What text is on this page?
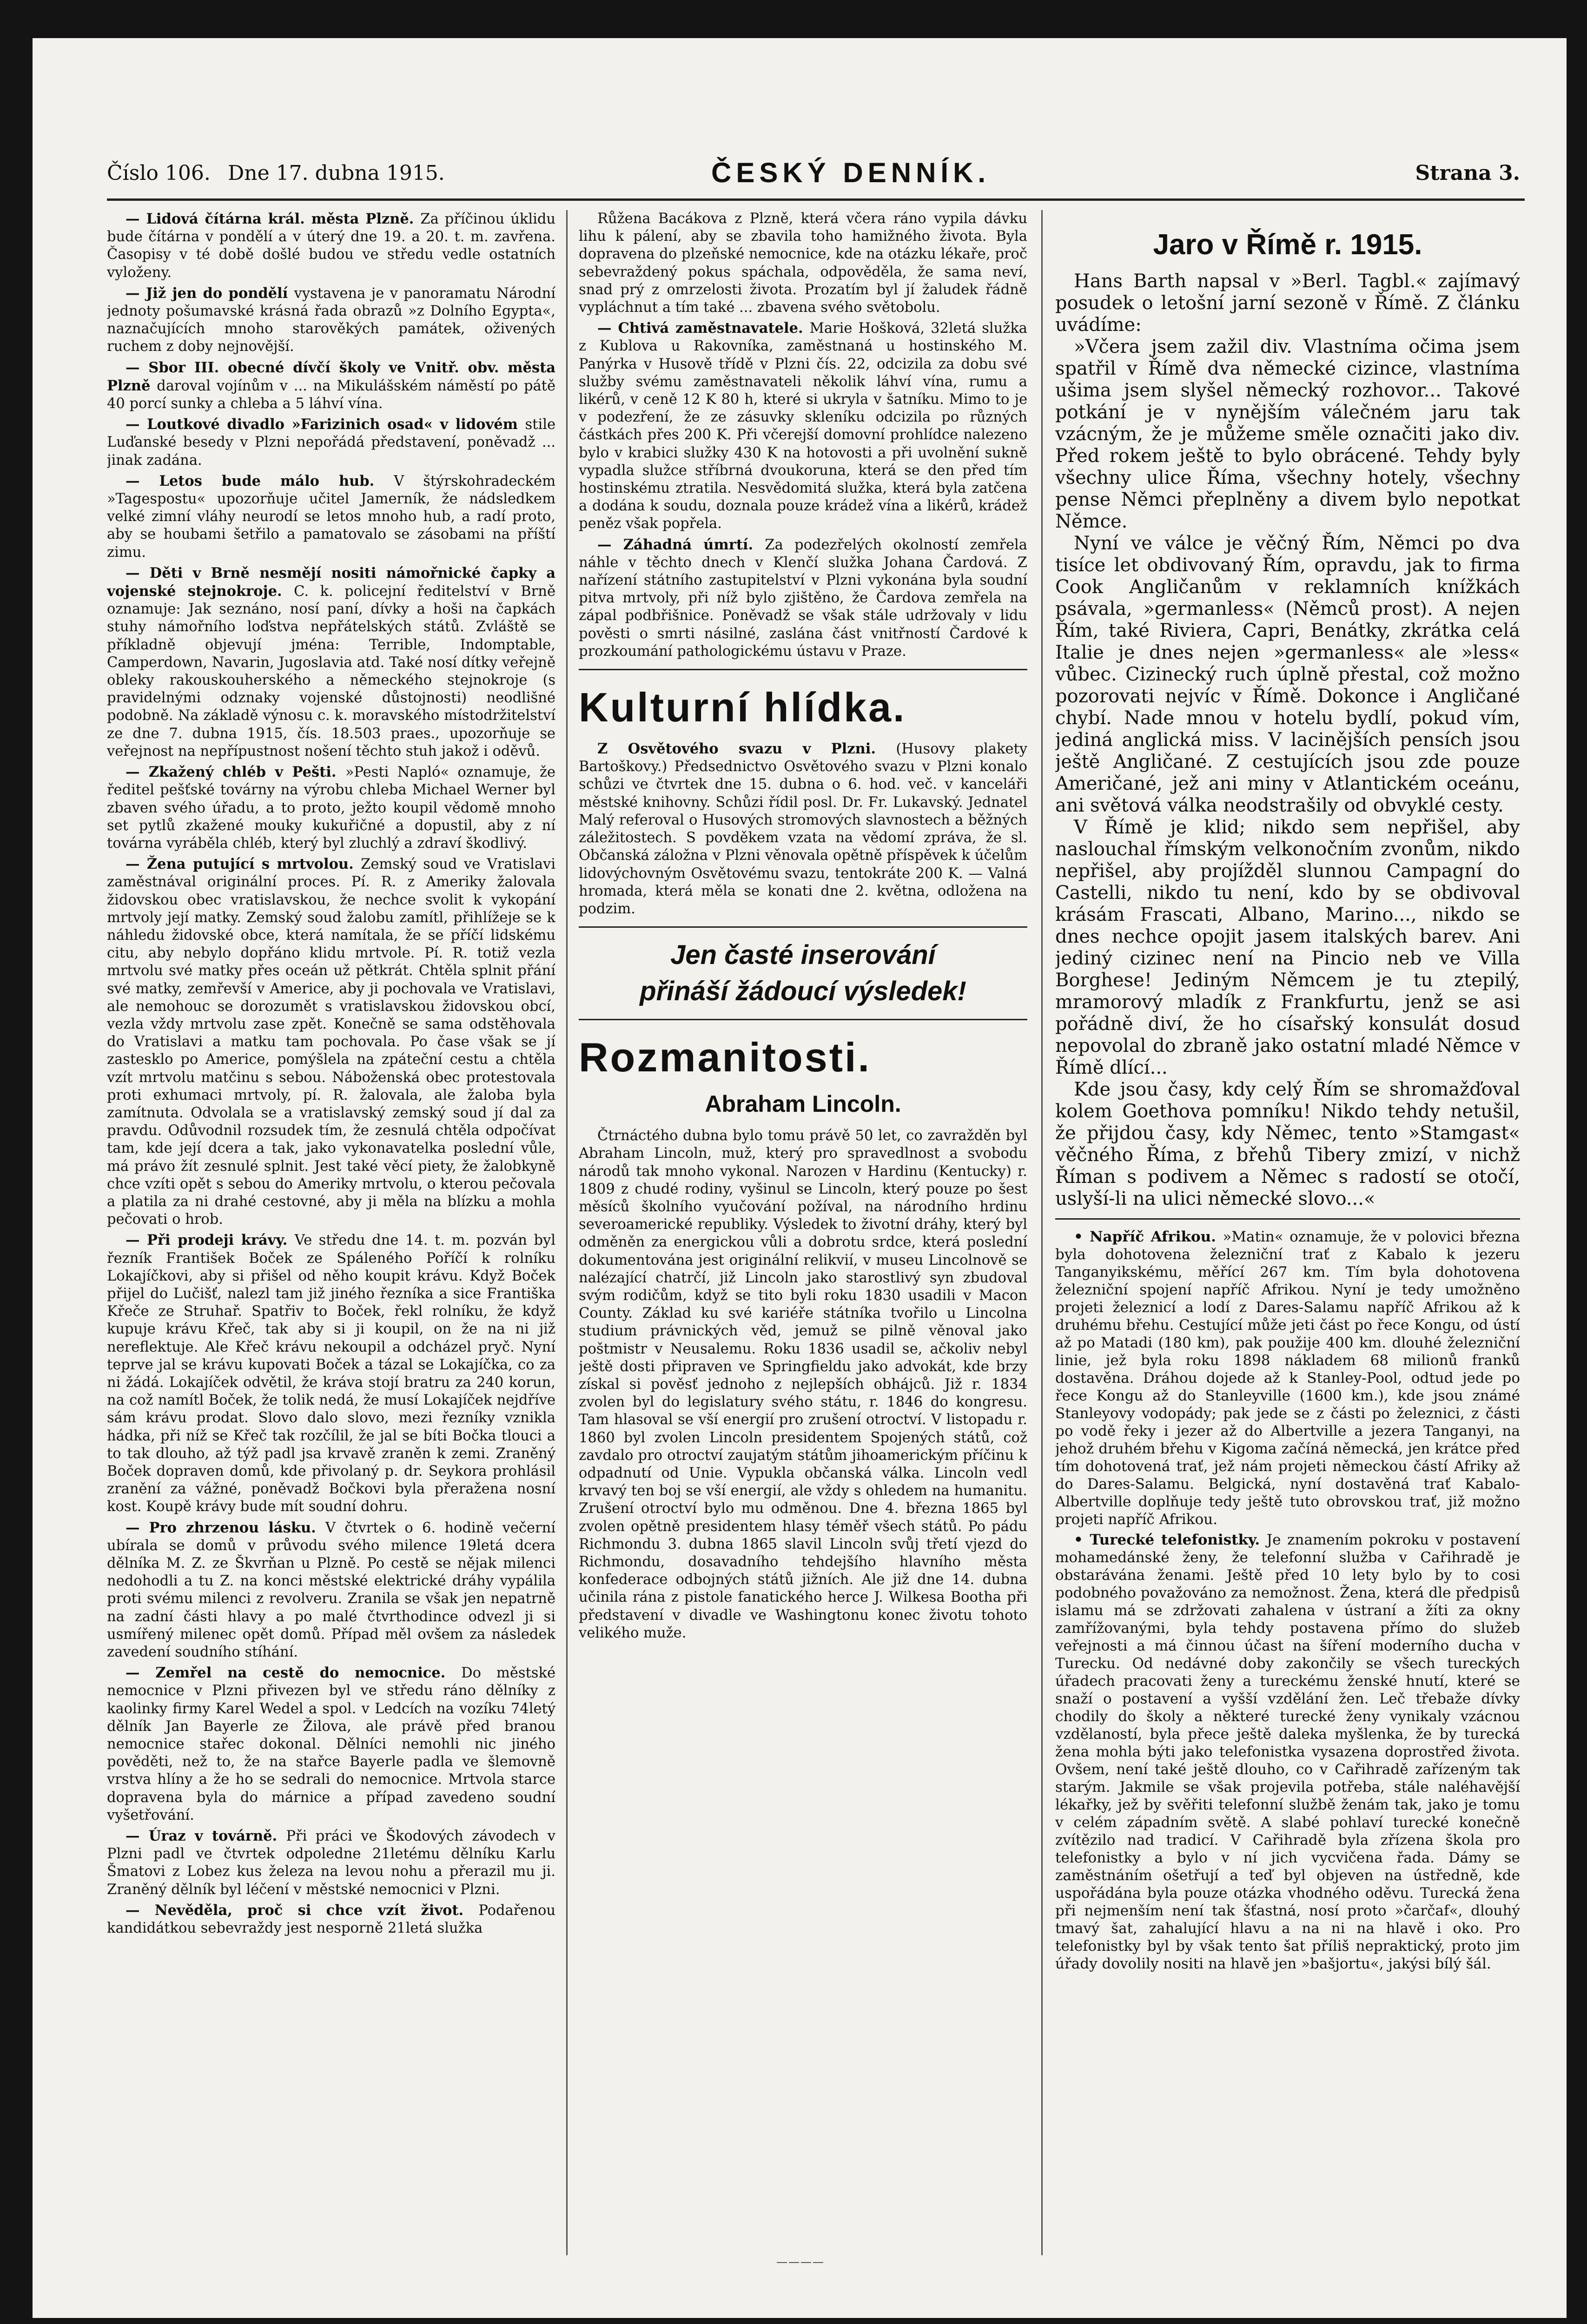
Číslo 106. Dne 17. dubna 1915.	ČESKÝ DENNÍK.	Strana 3.

— Lidová čítárna král. města Plzně. Za příčinou úklidu bude čítárna v pondělí a v úterý dne 19. a 20. t. m. zavřena. Časopisy v té době došlé budou ve středu vedle ostatních vyloženy.

— Již jen do pondělí vystavena je v panoramatu Národní jednoty pošumavské krásná řada obrazů »z Dolního Egypta«, naznačujících mnoho starověkých památek, oživených ruchem z doby nejnovější.

— Sbor III. obecné dívčí školy ve Vnitř. obv. města Plzně daroval vojínům v ... na Mikulášském náměstí po pátě 40 porcí sunky a chleba a 5 láhví vína.

— Loutkové divadlo »Farizinich osad« v lidovém stile Luďanské besedy v Plzni nepořádá představení, poněvadž ... jinak zadána.

— Letos bude málo hub. V štýrskohradeckém »Tagespostu« upozorňuje učitel Jamerník, že nádsledkem velké zimní vláhy neurodí se letos mnoho hub, a radí proto, aby se houbami šetřilo a pamatovalo se zásobami na příští zimu.

— Děti v Brně nesmějí nositi námořnické čapky a vojenské stejnokroje. C. k. policejní ředitelství v Brně oznamuje: Jak seznáno, nosí paní, dívky a hoši na čapkách stuhy námořního loďstva nepřátelských států. Zvláště se příkladně objevují jména: Terrible, Indomptable, Camperdown, Navarin, Jugoslavia atd. Také nosí dítky veřejně obleky rakouskouherského a německého stejnokroje (s pravidelnými odznaky vojenské důstojnosti) neodlišné podobně. Na základě výnosu c. k. moravského místodržitelství ze dne 7. dubna 1915, čís. 18.503 praes., upozorňuje se veřejnost na nepřípustnost nošení těchto stuh jakož i oděvů.

— Zkažený chléb v Pešti. »Pesti Napló« oznamuje, že ředitel pešťské továrny na výrobu chleba Michael Werner byl zbaven svého úřadu, a to proto, ježto koupil vědomě mnoho set pytlů zkažené mouky kukuřičné a dopustil, aby z ní továrna vyráběla chléb, který byl zluchlý a zdraví škodlivý.

— Žena putující s mrtvolou. Zemský soud ve Vratislavi zaměstnával originální proces. Pí. R. z Ameriky žalovala židovskou obec vratislavskou, že nechce svolit k vykopání mrtvoly její matky. Zemský soud žalobu zamítl, přihlížeje se k náhledu židovské obce, která namítala, že se příčí lidskému citu, aby nebylo dopřáno klidu mrtvole. Pí. R. totiž vezla mrtvolu své matky přes oceán už pětkrát. Chtěla splnit přání své matky, zemřevší v Americe, aby ji pochovala ve Vratislavi, ale nemohouc se dorozumět s vratislavskou židovskou obcí, vezla vždy mrtvolu zase zpět. Konečně se sama odstěhovala do Vratislavi a matku tam pochovala. Po čase však se jí zastesklo po Americe, pomýšlela na zpáteční cestu a chtěla vzít mrtvolu matčinu s sebou. Náboženská obec protestovala proti exhumaci mrtvoly, pí. R. žalovala, ale žaloba byla zamítnuta. Odvolala se a vratislavský zemský soud jí dal za pravdu. Odůvodnil rozsudek tím, že zesnulá chtěla odpočívat tam, kde její dcera a tak, jako vykonavatelka poslední vůle, má právo žít zesnulé splnit. Jest také věcí piety, že žalobkyně chce vzíti opět s sebou do Ameriky mrtvolu, o kterou pečovala a platila za ni drahé cestovné, aby ji měla na blízku a mohla pečovati o hrob.

— Při prodeji krávy. Ve středu dne 14. t. m. pozván byl řezník František Boček ze Spáleného Poříčí k rolníku Lokajíčkovi, aby si přišel od něho koupit krávu. Když Boček přijel do Lučišť, nalezl tam již jiného řezníka a sice Františka Křeče ze Struhař. Spatřiv to Boček, řekl rolníku, že když kupuje krávu Křeč, tak aby si ji koupil, on že na ni již nereflektuje. Ale Křeč krávu nekoupil a odcházel pryč. Nyní teprve jal se krávu kupovati Boček a tázal se Lokajíčka, co za ni žádá. Lokajíček odvětil, že kráva stojí bratru za 240 korun, na což namítl Boček, že tolik nedá, že musí Lokajíček nejdříve sám krávu prodat. Slovo dalo slovo, mezi řezníky vznikla hádka, při níž se Křeč tak rozčílil, že jal se bíti Bočka tlouci a to tak dlouho, až týž padl jsa krvavě zraněn k zemi. Zraněný Boček dopraven domů, kde přivolaný p. dr. Seykora prohlásil zranění za vážné, poněvadž Bočkovi byla přeražena nosní kost. Koupě krávy bude mít soudní dohru.

— Pro zhrzenou lásku. V čtvrtek o 6. hodině večerní ubírala se domů v průvodu svého milence 19letá dcera dělníka M. Z. ze Škvrňan u Plzně. Po cestě se nějak milenci nedohodli a tu Z. na konci městské elektrické dráhy vypálila proti svému milenci z revolveru. Zranila se však jen nepatrně na zadní části hlavy a po malé čtvrthodince odvezl ji si usmířený milenec opět domů. Případ měl ovšem za následek zavedení soudního stíhání.

— Zemřel na cestě do nemocnice. Do městské nemocnice v Plzni přivezen byl ve středu ráno dělníky z kaolinky firmy Karel Wedel a spol. v Ledcích na vozíku 74letý dělník Jan Bayerle ze Žilova, ale právě před branou nemocnice stařec dokonal. Dělníci nemohli nic jiného pověděti, než to, že na stařce Bayerle padla ve šlemovně vrstva hlíny a že ho se sedrali do nemocnice. Mrtvola starce dopravena byla do márnice a případ zavedeno soudní vyšetřování.

— Úraz v továrně. Při práci ve Škodových závodech v Plzni padl ve čtvrtek odpoledne 21letému dělníku Karlu Šmatovi z Lobez kus železa na levou nohu a přerazil mu ji. Zraněný dělník byl léčení v městské nemocnici v Plzni.

— Nevěděla, proč si chce vzít život. Podařenou kandidátkou sebevraždy jest nesporně 21letá služka

Růžena Bacákova z Plzně, která včera ráno vypila dávku lihu k pálení, aby se zbavila toho hamižného života. Byla dopravena do plzeňské nemocnice, kde na otázku lékaře, proč sebevraždený pokus spáchala, odpověděla, že sama neví, snad prý z omrzelosti života. Prozatím byl jí žaludek řádně vypláchnut a tím také ... zbavena svého světobolu.

— Chtivá zaměstnavatele. Marie Hošková, 32letá služka z Kublova u Rakovníka, zaměstnaná u hostinského M. Panýrka v Husově třídě v Plzni čís. 22, odcizila za dobu své služby svému zaměstnavateli několik láhví vína, rumu a likérů, v ceně 12 K 80 h, které si ukryla v šatníku. Mimo to je v podezření, že ze zásuvky skleníku odcizila po různých částkách přes 200 K. Při včerejší domovní prohlídce nalezeno bylo v krabici služky 430 K na hotovosti a při uvolnění sukně vypadla služce stříbrná dvoukoruna, která se den před tím hostinskému ztratila. Nesvědomitá služka, která byla zatčena a dodána k soudu, doznala pouze krádež vína a likérů, krádež peněz však popřela.

— Záhadná úmrtí. Za podezřelých okolností zemřela náhle v těchto dnech v Klenčí služka Johana Čardová. Z nařízení státního zastupitelství v Plzni vykonána byla soudní pitva mrtvoly, při níž bylo zjištěno, že Čardova zemřela na zápal podbřišnice. Poněvadž se však stále udržovaly v lidu pověsti o smrti násilné, zaslána část vnitřností Čardové k prozkoumání pathologickému ústavu v Praze.

Kulturní hlídka.

Z Osvětového svazu v Plzni. (Husovy plakety Bartoškovy.) Předsednictvo Osvětového svazu v Plzni konalo schůzi ve čtvrtek dne 15. dubna o 6. hod. več. v kanceláři městské knihovny. Schůzi řídil posl. Dr. Fr. Lukavský. Jednatel Malý referoval o Husových stromových slavnostech a běžných záležitostech. S povděkem vzata na vědomí zpráva, že sl. Občanská záložna v Plzni věnovala opětně příspěvek k účelům lidovýchovným Osvětovému svazu, tentokráte 200 K. — Valná hromada, která měla se konati dne 2. května, odložena na podzim.

Jen časté inserování
přináší žádoucí výsledek!
Rozmanitosti.
Abraham Lincoln.

Čtrnáctého dubna bylo tomu právě 50 let, co zavražděn byl Abraham Lincoln, muž, který pro spravedlnost a svobodu národů tak mnoho vykonal. Narozen v Hardinu (Kentucky) r. 1809 z chudé rodiny, vyšinul se Lincoln, který pouze po šest měsíců školního vyučování požíval, na národního hrdinu severoamerické republiky. Výsledek to životní dráhy, který byl odměněn za energickou vůli a dobrotu srdce, která poslední dokumentována jest originální relikvií, v museu Lincolnově se nalézající chatrčí, již Lincoln jako starostlivý syn zbudoval svým rodičům, když se tito byli roku 1830 usadili v Macon County. Základ ku své kariéře státníka tvořilo u Lincolna studium právnických věd, jemuž se pilně věnoval jako poštmistr v Neusalemu. Roku 1836 usadil se, ačkoliv nebyl ještě dosti připraven ve Springfieldu jako advokát, kde brzy získal si pověsť jednoho z nejlepších obhájců. Již r. 1834 zvolen byl do legislatury svého státu, r. 1846 do kongresu. Tam hlasoval se vší energií pro zrušení otroctví. V listopadu r. 1860 byl zvolen Lincoln presidentem Spojených států, což zavdalo pro otroctví zaujatým státům jihoamerickým příčinu k odpadnutí od Unie. Vypukla občanská válka. Lincoln vedl krvavý ten boj se vší energií, ale vždy s ohledem na humanitu. Zrušení otroctví bylo mu odměnou. Dne 4. března 1865 byl zvolen opětně presidentem hlasy téměř všech států. Po pádu Richmondu 3. dubna 1865 slavil Lincoln svůj třetí vjezd do Richmondu, dosavadního tehdejšího hlavního města konfederace odbojných států jižních. Ale již dne 14. dubna učinila rána z pistole fanatického herce J. Wilkesa Bootha při představení v divadle ve Washingtonu konec životu tohoto velikého muže.

Jaro v Římě r. 1915.

Hans Barth napsal v »Berl. Tagbl.« zajímavý posudek o letošní jarní sezoně v Římě. Z článku uvádíme:

»Včera jsem zažil div. Vlastníma očima jsem spatřil v Římě dva německé cizince, vlastníma ušima jsem slyšel německý rozhovor... Takové potkání je v nynějším válečném jaru tak vzácným, že je můžeme směle označiti jako div. Před rokem ještě to bylo obrácené. Tehdy byly všechny ulice Říma, všechny hotely, všechny pense Němci přeplněny a divem bylo nepotkat Němce.

Nyní ve válce je věčný Řím, Němci po dva tisíce let obdivovaný Řím, opravdu, jak to firma Cook Angličanům v reklamních knížkách psávala, »germanless« (Němců prost). A nejen Řím, také Riviera, Capri, Benátky, zkrátka celá Italie je dnes nejen »germanless« ale »less« vůbec. Cizinecký ruch úplně přestal, což možno pozorovati nejvíc v Římě. Dokonce i Angličané chybí. Nade mnou v hotelu bydlí, pokud vím, jediná anglická miss. V lacinějších pensích jsou ještě Angličané. Z cestujících jsou zde pouze Američané, jež ani miny v Atlantickém oceánu, ani světová válka neodstrašily od obvyklé cesty.

V Římě je klid; nikdo sem nepřišel, aby naslouchal římským velkonočním zvonům, nikdo nepřišel, aby projížděl slunnou Campagní do Castelli, nikdo tu není, kdo by se obdivoval krásám Frascati, Albano, Marino..., nikdo se dnes nechce opojit jasem italských barev. Ani jediný cizinec není na Pincio neb ve Villa Borghese! Jediným Němcem je tu ztepilý, mramorový mladík z Frankfurtu, jenž se asi pořádně diví, že ho císařský konsulát dosud nepovolal do zbraně jako ostatní mladé Němce v Římě dlící...

Kde jsou časy, kdy celý Řím se shromažďoval kolem Goethova pomníku! Nikdo tehdy netušil, že přijdou časy, kdy Němec, tento »Stamgast« věčného Říma, z břehů Tibery zmizí, v nichž Říman s podivem a Němec s radostí se otočí, uslyší-li na ulici německé slovo...«

• Napříč Afrikou. »Matin« oznamuje, že v polovici března byla dohotovena železniční trať z Kabalo k jezeru Tanganyikskému, měřící 267 km. Tím byla dohotovena železniční spojení napříč Afrikou. Nyní je tedy umožněno projeti železnicí a lodí z Dares-Salamu napříč Afrikou až k druhému břehu. Cestující může jeti část po řece Kongu, od ústí až po Matadi (180 km), pak použije 400 km. dlouhé železniční linie, jež byla roku 1898 nákladem 68 milionů franků dostavěna. Dráhou dojede až k Stanley-Pool, odtud jede po řece Kongu až do Stanleyville (1600 km.), kde jsou známé Stanleyovy vodopády; pak jede se z části po železnici, z části po vodě řeky i jezer až do Albertville a jezera Tanganyi, na jehož druhém břehu v Kigoma začíná německá, jen krátce před tím dohotovená trať, jež nám projeti německou částí Afriky až do Dares-Salamu. Belgická, nyní dostavěná trať Kabalo-Albertville doplňuje tedy ještě tuto obrovskou trať, již možno projeti napříč Afrikou.

• Turecké telefonistky. Je znamením pokroku v postavení mohamedánské ženy, že telefonní služba v Cařihradě je obstarávána ženami. Ještě před 10 lety bylo by to cosi podobného považováno za nemožnost. Žena, která dle předpisů islamu má se zdržovati zahalena v ústraní a žíti za okny zamřížovanými, byla tehdy postavena přímo do služeb veřejnosti a má činnou účast na šíření moderního ducha v Turecku. Od nedávné doby zakončily se všech tureckých úřadech pracovati ženy a tureckému ženské hnutí, které se snaží o postavení a vyšší vzdělání žen. Leč třebaže dívky chodily do školy a některé turecké ženy vynikaly vzácnou vzdělaností, byla přece ještě daleka myšlenka, že by turecká žena mohla býti jako telefonistka vysazena doprostřed života. Ovšem, není také ještě dlouho, co v Cařihradě zařízeným tak starým. Jakmile se však projevila potřeba, stále naléhavější lékařky, jež by svěřiti telefonní službě ženám tak, jako je tomu v celém západním světě. A slabé pohlaví turecké konečně zvítězilo nad tradicí. V Cařihradě byla zřízena škola pro telefonistky a bylo v ní jich vycvičena řada. Dámy se zaměstnáním ošetřují a teď byl objeven na ústředně, kde uspořádána byla pouze otázka vhodného oděvu. Turecká žena při nejmenším není tak šťastná, nosí proto »čarčaf«, dlouhý tmavý šat, zahalující hlavu a na ni na hlavě i oko. Pro telefonistky byl by však tento šat příliš nepraktický, proto jim úřady dovolily nositi na hlavě jen »bašjortu«, jakýsi bílý šál.

————
